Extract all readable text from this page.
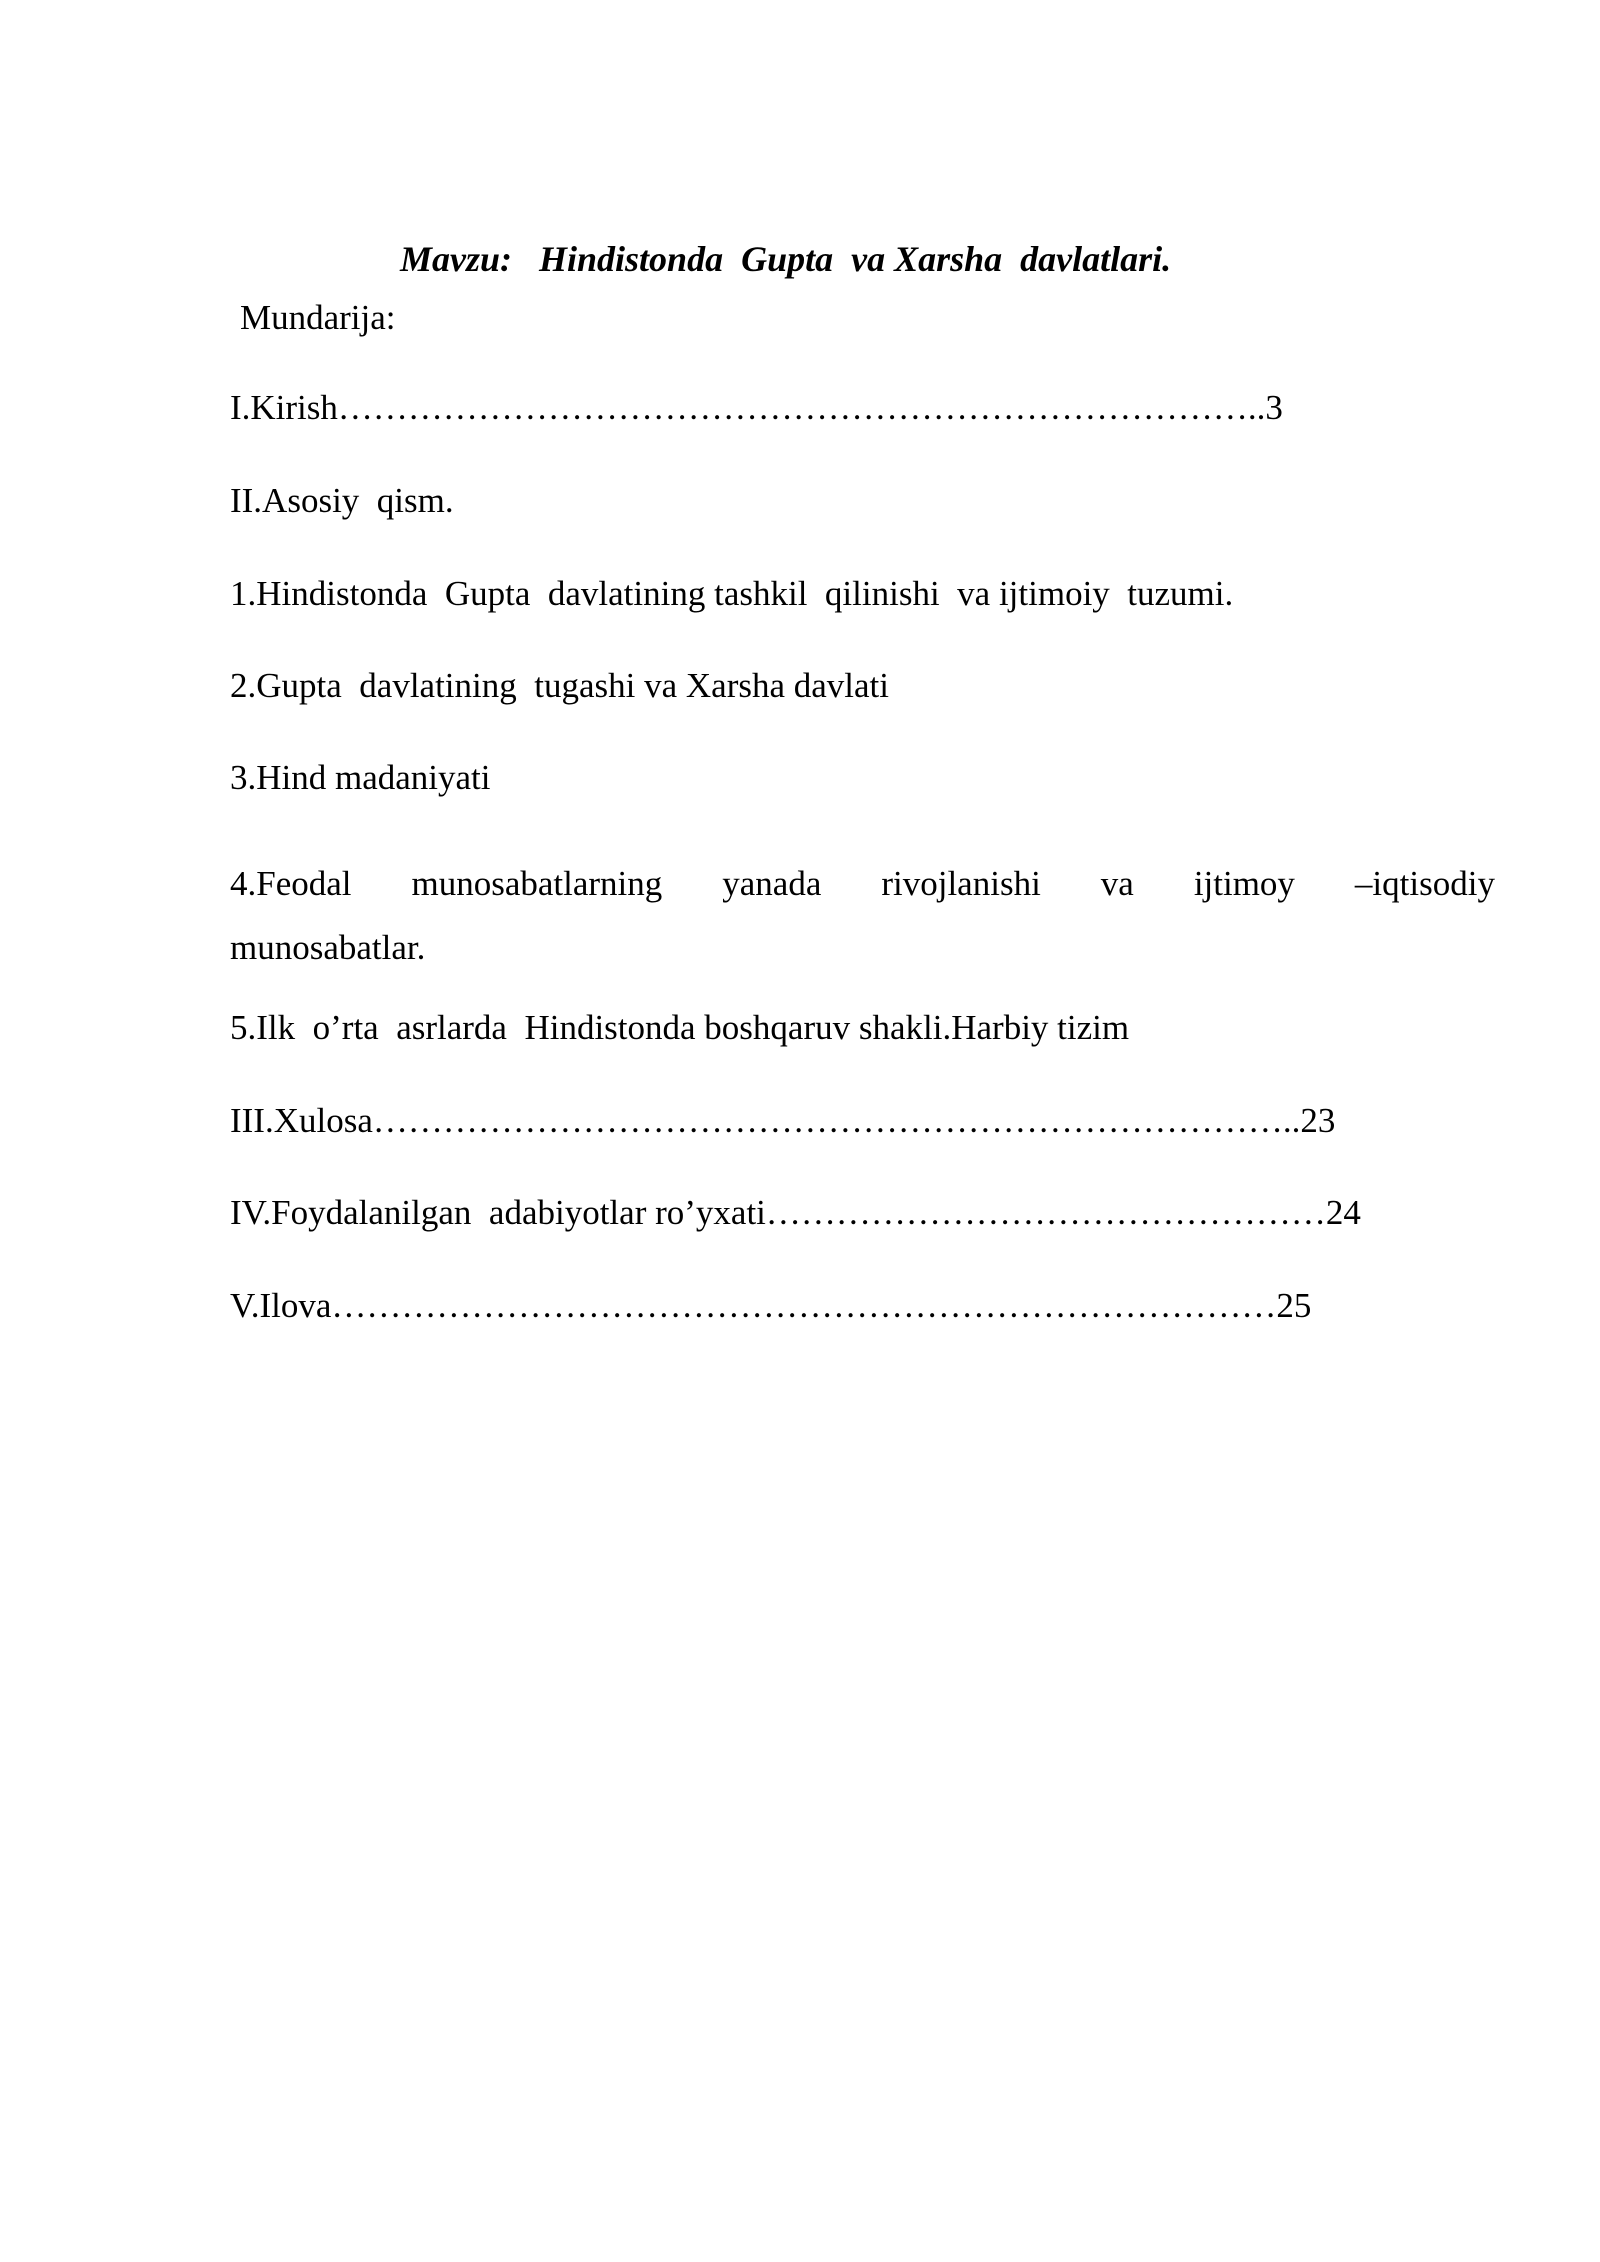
Mavzu:   Hindistonda  Gupta  va Xarsha  davlatlari.
Mundarija:
I.Kirish……………………………………………………………………..3
II.Asosiy  qism.
1.Hindistonda  Gupta  davlatining tashkil  qilinishi  va ijtimoiy  tuzumi.
2.Gupta  davlatining  tugashi va Xarsha davlati
3.Hind madaniyati
4.Feodal munosabatlarning yanada rivojlanishi va ijtimoy –iqtisodiy
munosabatlar.
5.Ilk  o’rta  asrlarda  Hindistonda boshqaruv shakli.Harbiy tizim
III.Xulosa……………………………………………………………………..23
IV.Foydalanilgan  adabiyotlar ro’yxati…………………………………………24
V.Ilova………………………………………………………………………25
